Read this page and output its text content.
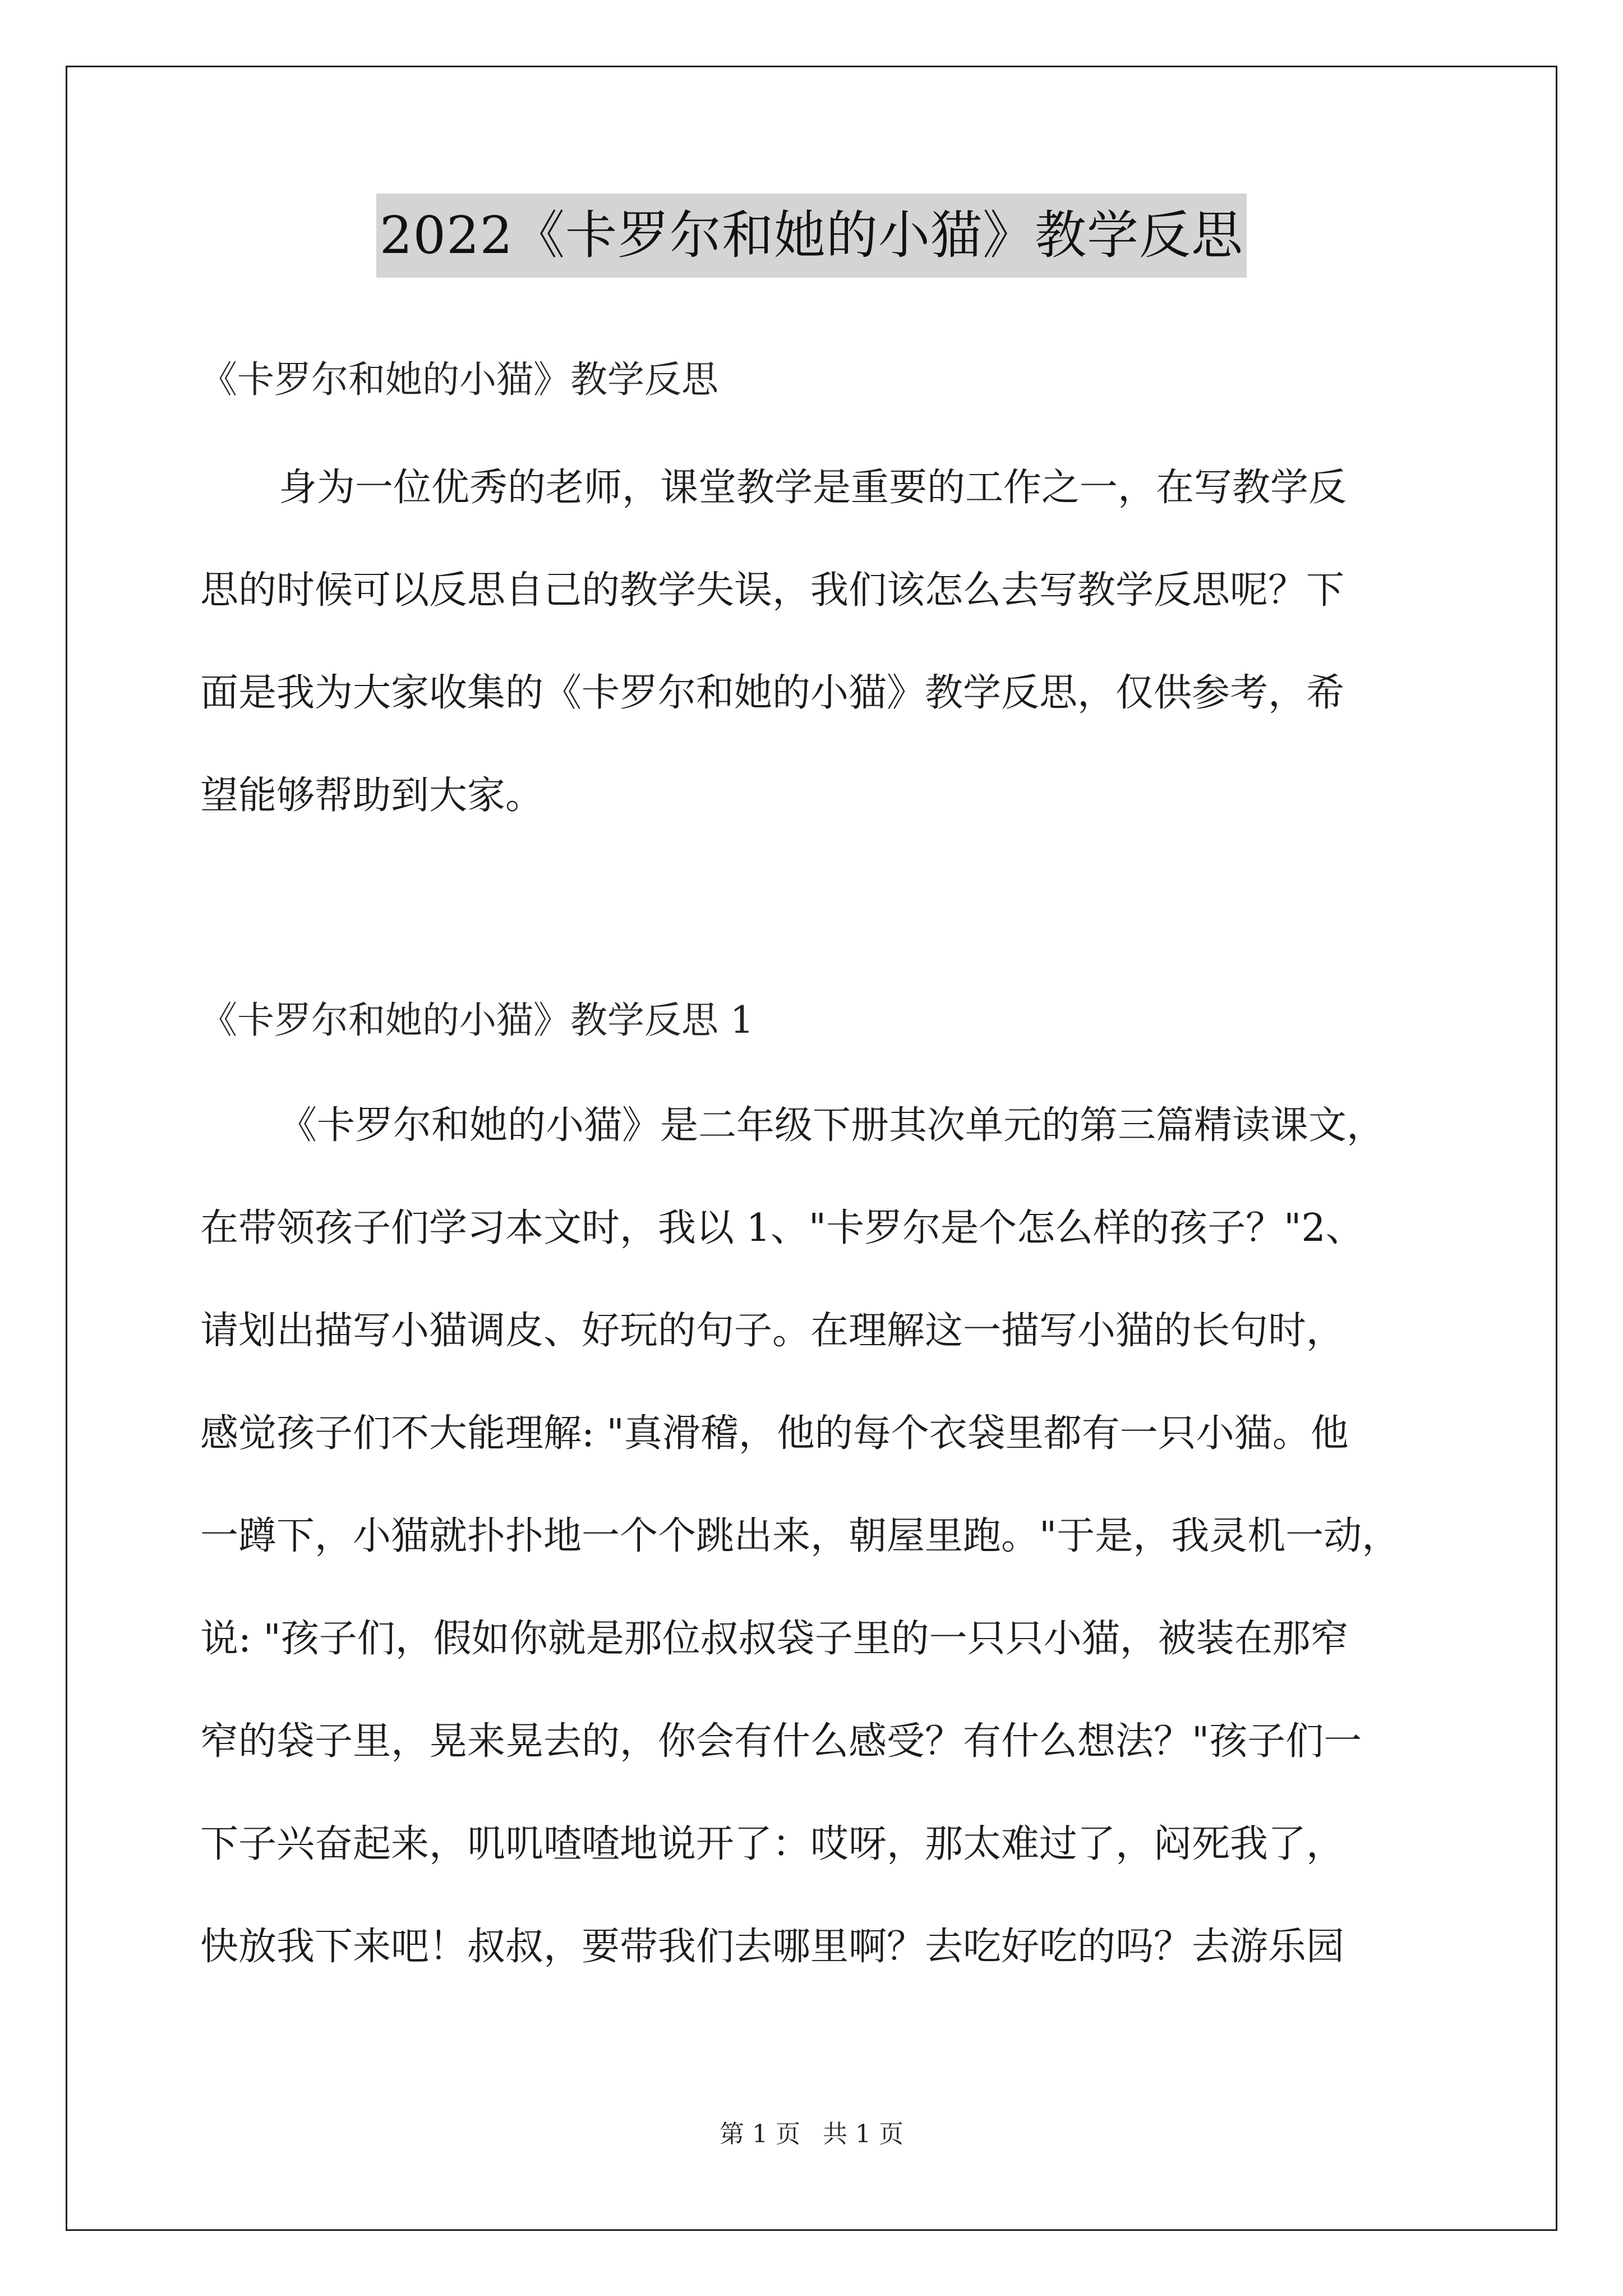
2022《卡罗尔和她的小猫》教学反思
《卡罗尔和她的小猫》教学反思
身为一位优秀的老师，课堂教学是重要的工作之一，在写教学反
思的时候可以反思自己的教学失误，我们该怎么去写教学反思呢？下
面是我为大家收集的《卡罗尔和她的小猫》教学反思，仅供参考，希
望能够帮助到大家。
《卡罗尔和她的小猫》教学反思 1
《卡罗尔和她的小猫》是二年级下册其次单元的第三篇精读课文，
在带领孩子们学习本文时，我以 1、"卡罗尔是个怎么样的孩子？"2、
请划出描写小猫调皮、好玩的句子。在理解这一描写小猫的长句时，
感觉孩子们不大能理解: "真滑稽，他的每个衣袋里都有一只小猫。他
一蹲下，小猫就扑扑地一个个跳出来，朝屋里跑。"于是，我灵机一动，
说: "孩子们，假如你就是那位叔叔袋子里的一只只小猫，被装在那窄
窄的袋子里，晃来晃去的，你会有什么感受？有什么想法？"孩子们一
下子兴奋起来，叽叽喳喳地说开了：哎呀，那太难过了，闷死我了，
快放我下来吧！叔叔，要带我们去哪里啊？去吃好吃的吗？去游乐园
第 1 页 共 1 页
